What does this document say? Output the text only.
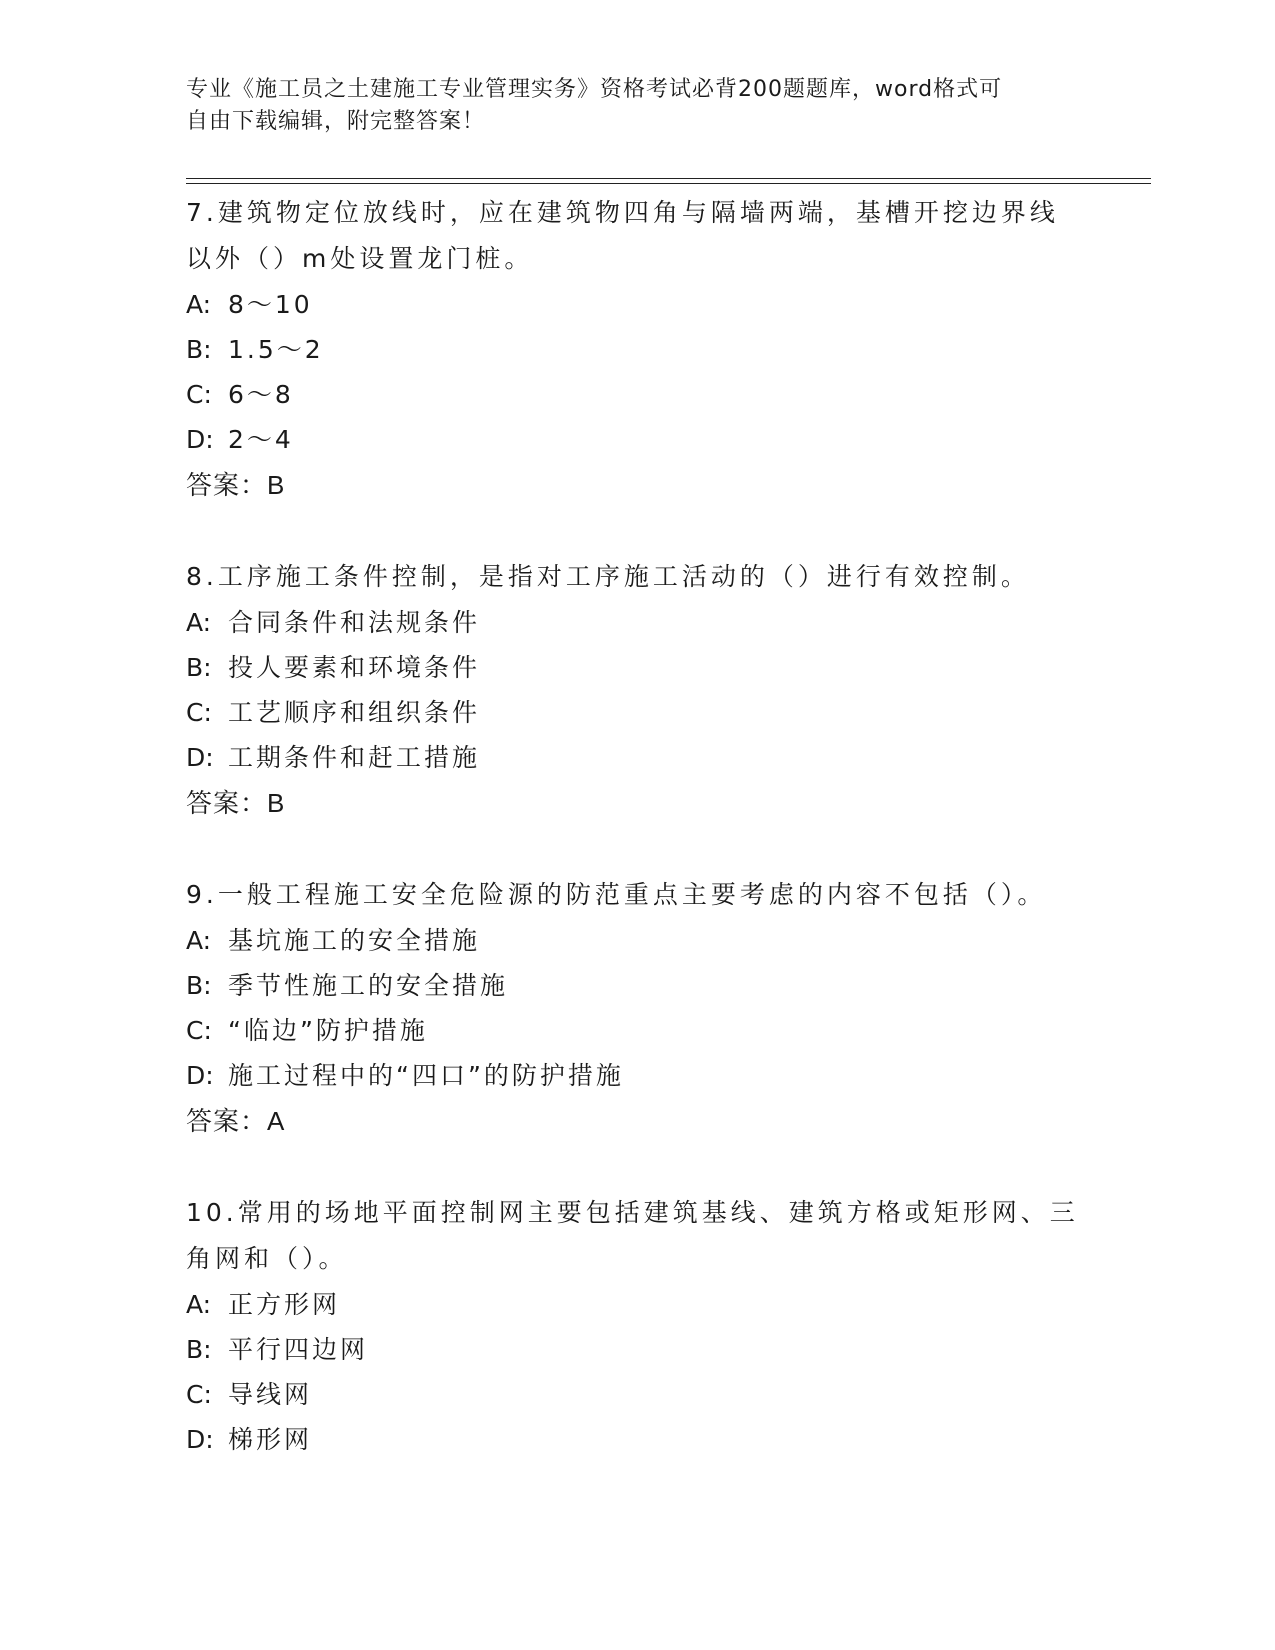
专业《施工员之土建施工专业管理实务》资格考试必背200题题库，word格式可
自由下载编辑，附完整答案！
7.建筑物定位放线时，应在建筑物四角与隔墙两端，基槽开挖边界线
以外（）m处设置龙门桩。
A: 8～10
B: 1.5～2
C: 6～8
D: 2～4
答案：B
8.工序施工条件控制，是指对工序施工活动的（）进行有效控制。
A: 合同条件和法规条件
B: 投人要素和环境条件
C: 工艺顺序和组织条件
D: 工期条件和赶工措施
答案：B
9.一般工程施工安全危险源的防范重点主要考虑的内容不包括（）。
A: 基坑施工的安全措施
B: 季节性施工的安全措施
C: “临边”防护措施
D: 施工过程中的“四口”的防护措施
答案：A
10.常用的场地平面控制网主要包括建筑基线、建筑方格或矩形网、三
角网和（）。
A: 正方形网
B: 平行四边网
C: 导线网
D: 梯形网
